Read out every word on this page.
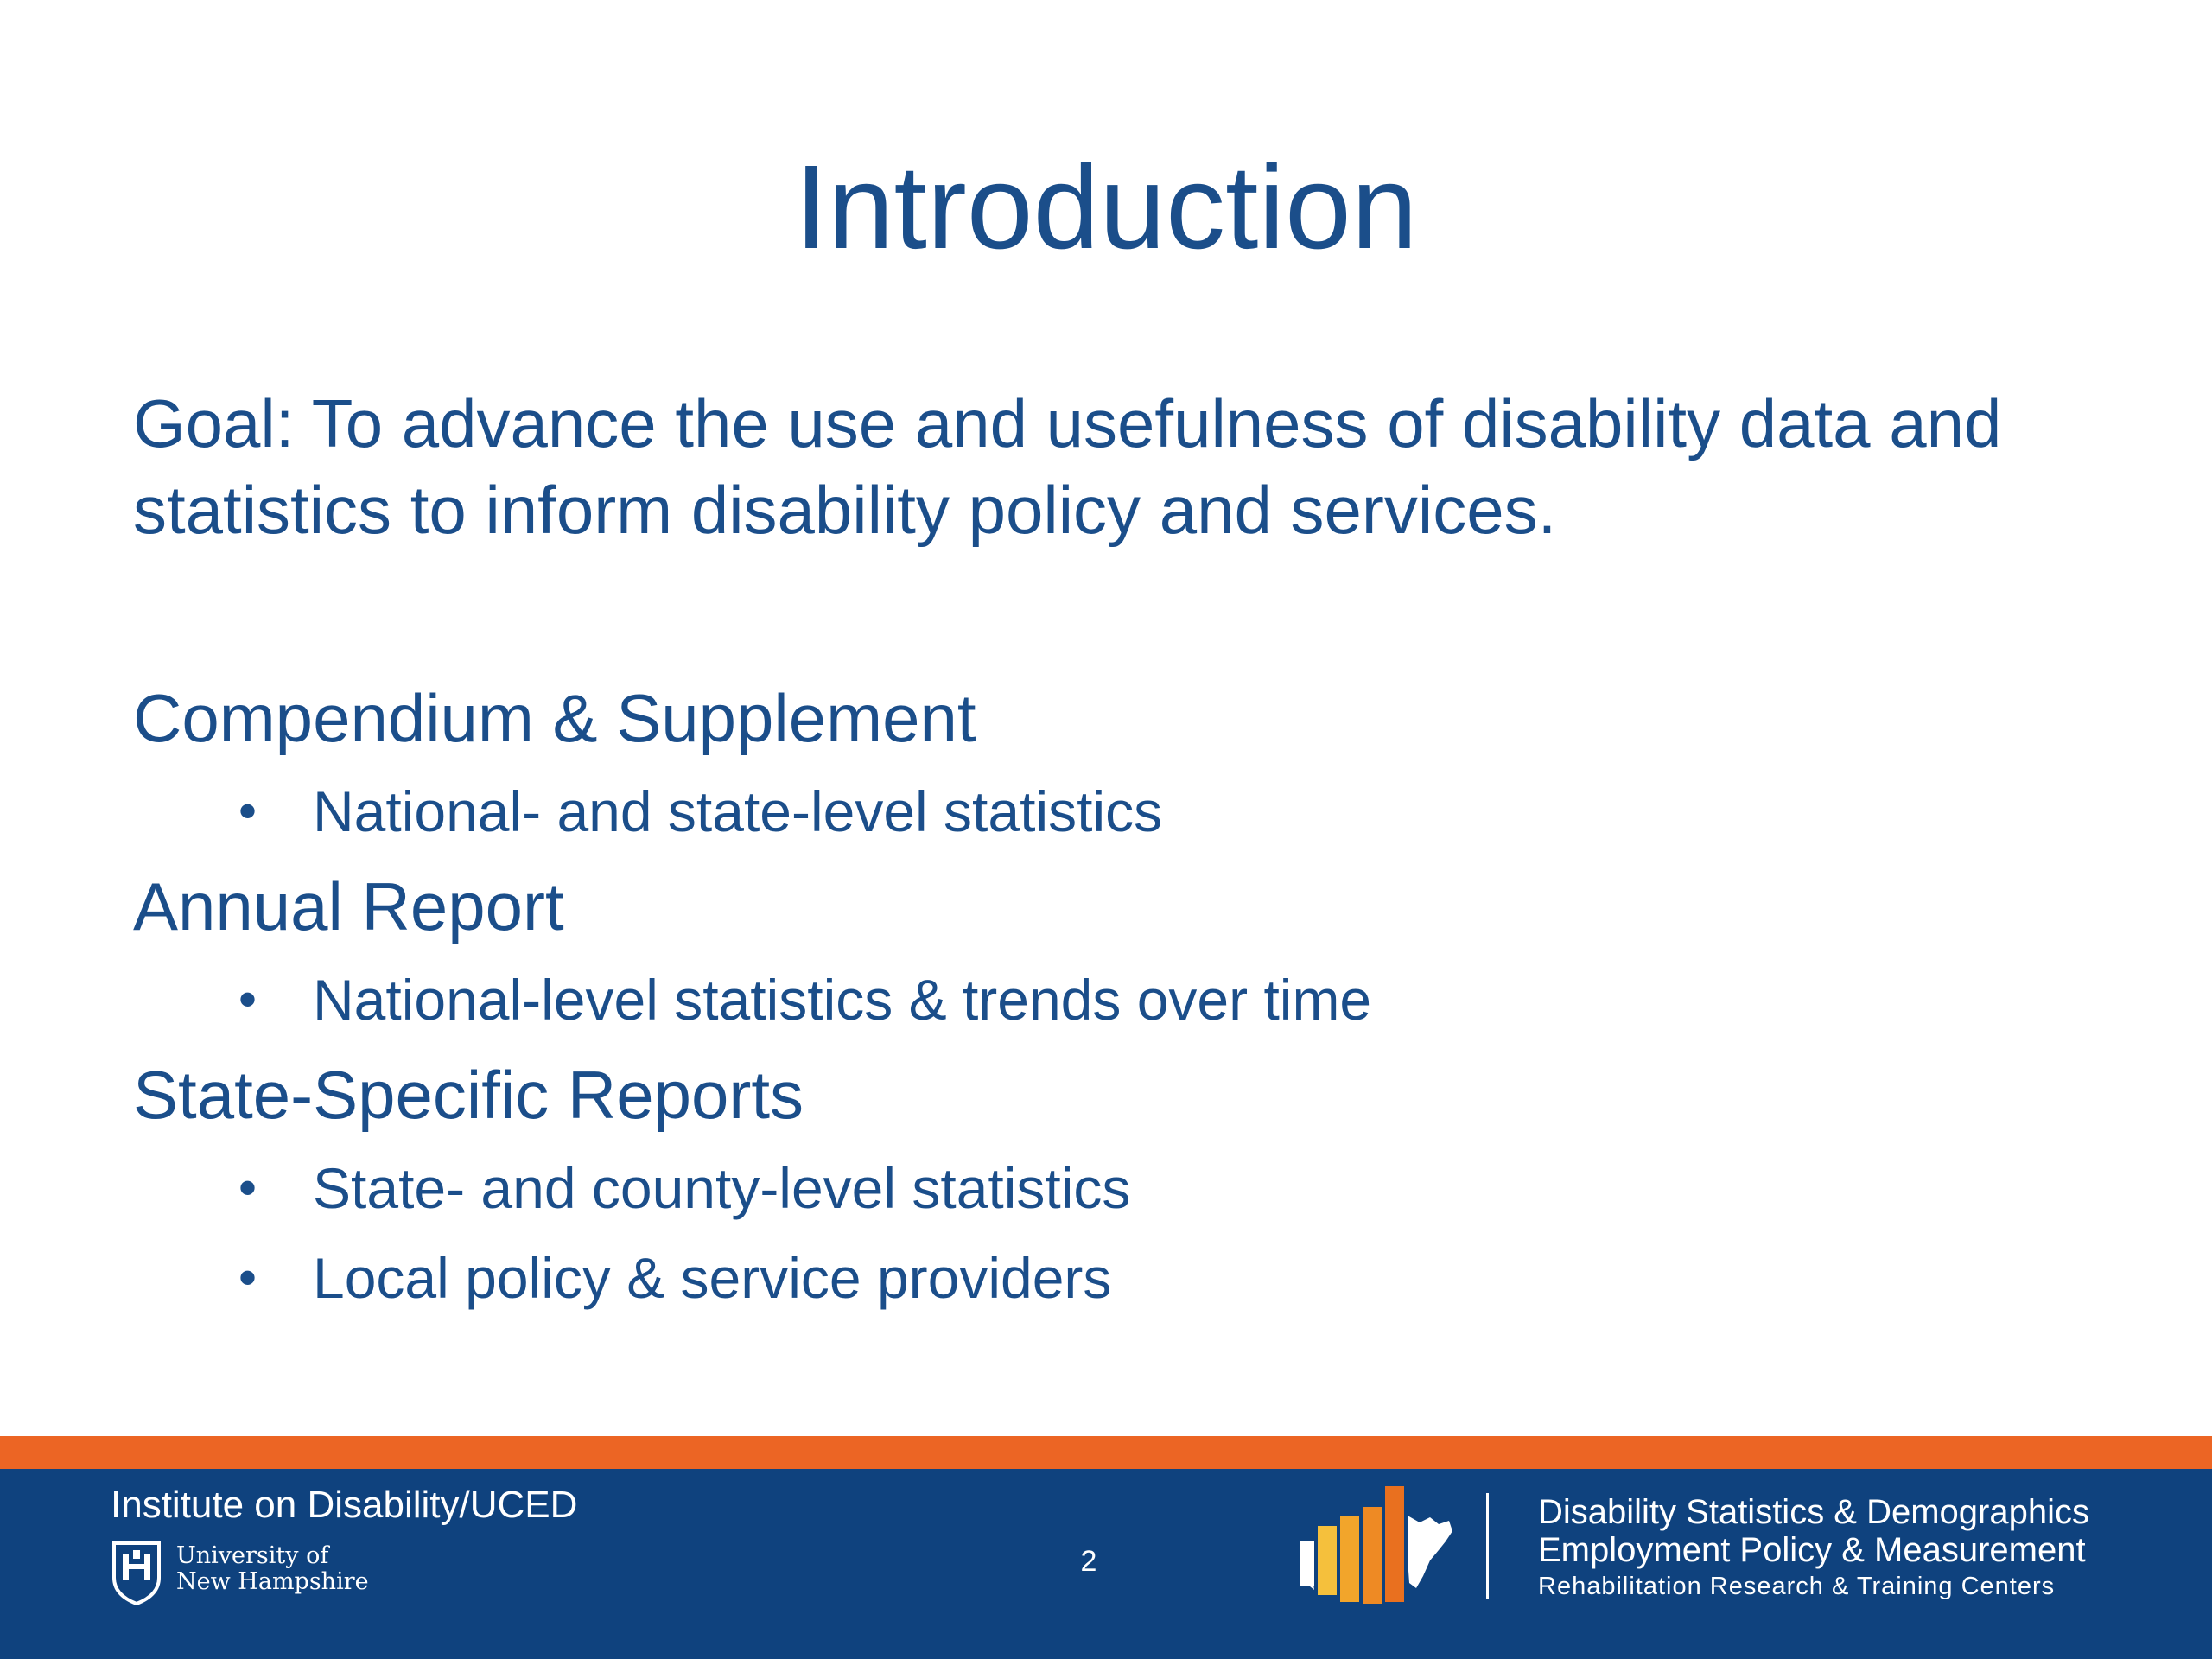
Introduction
Goal: To advance the use and usefulness of disability data and statistics to inform disability policy and services.
Compendium & Supplement
• National- and state-level statistics
Annual Report
• National-level statistics & trends over time
State-Specific Reports
• State- and county-level statistics
• Local policy & service providers
Institute on Disability/UCED
University of
New Hampshire
2
Disability Statistics & Demographics
Employment Policy & Measurement
Rehabilitation Research & Training Centers
